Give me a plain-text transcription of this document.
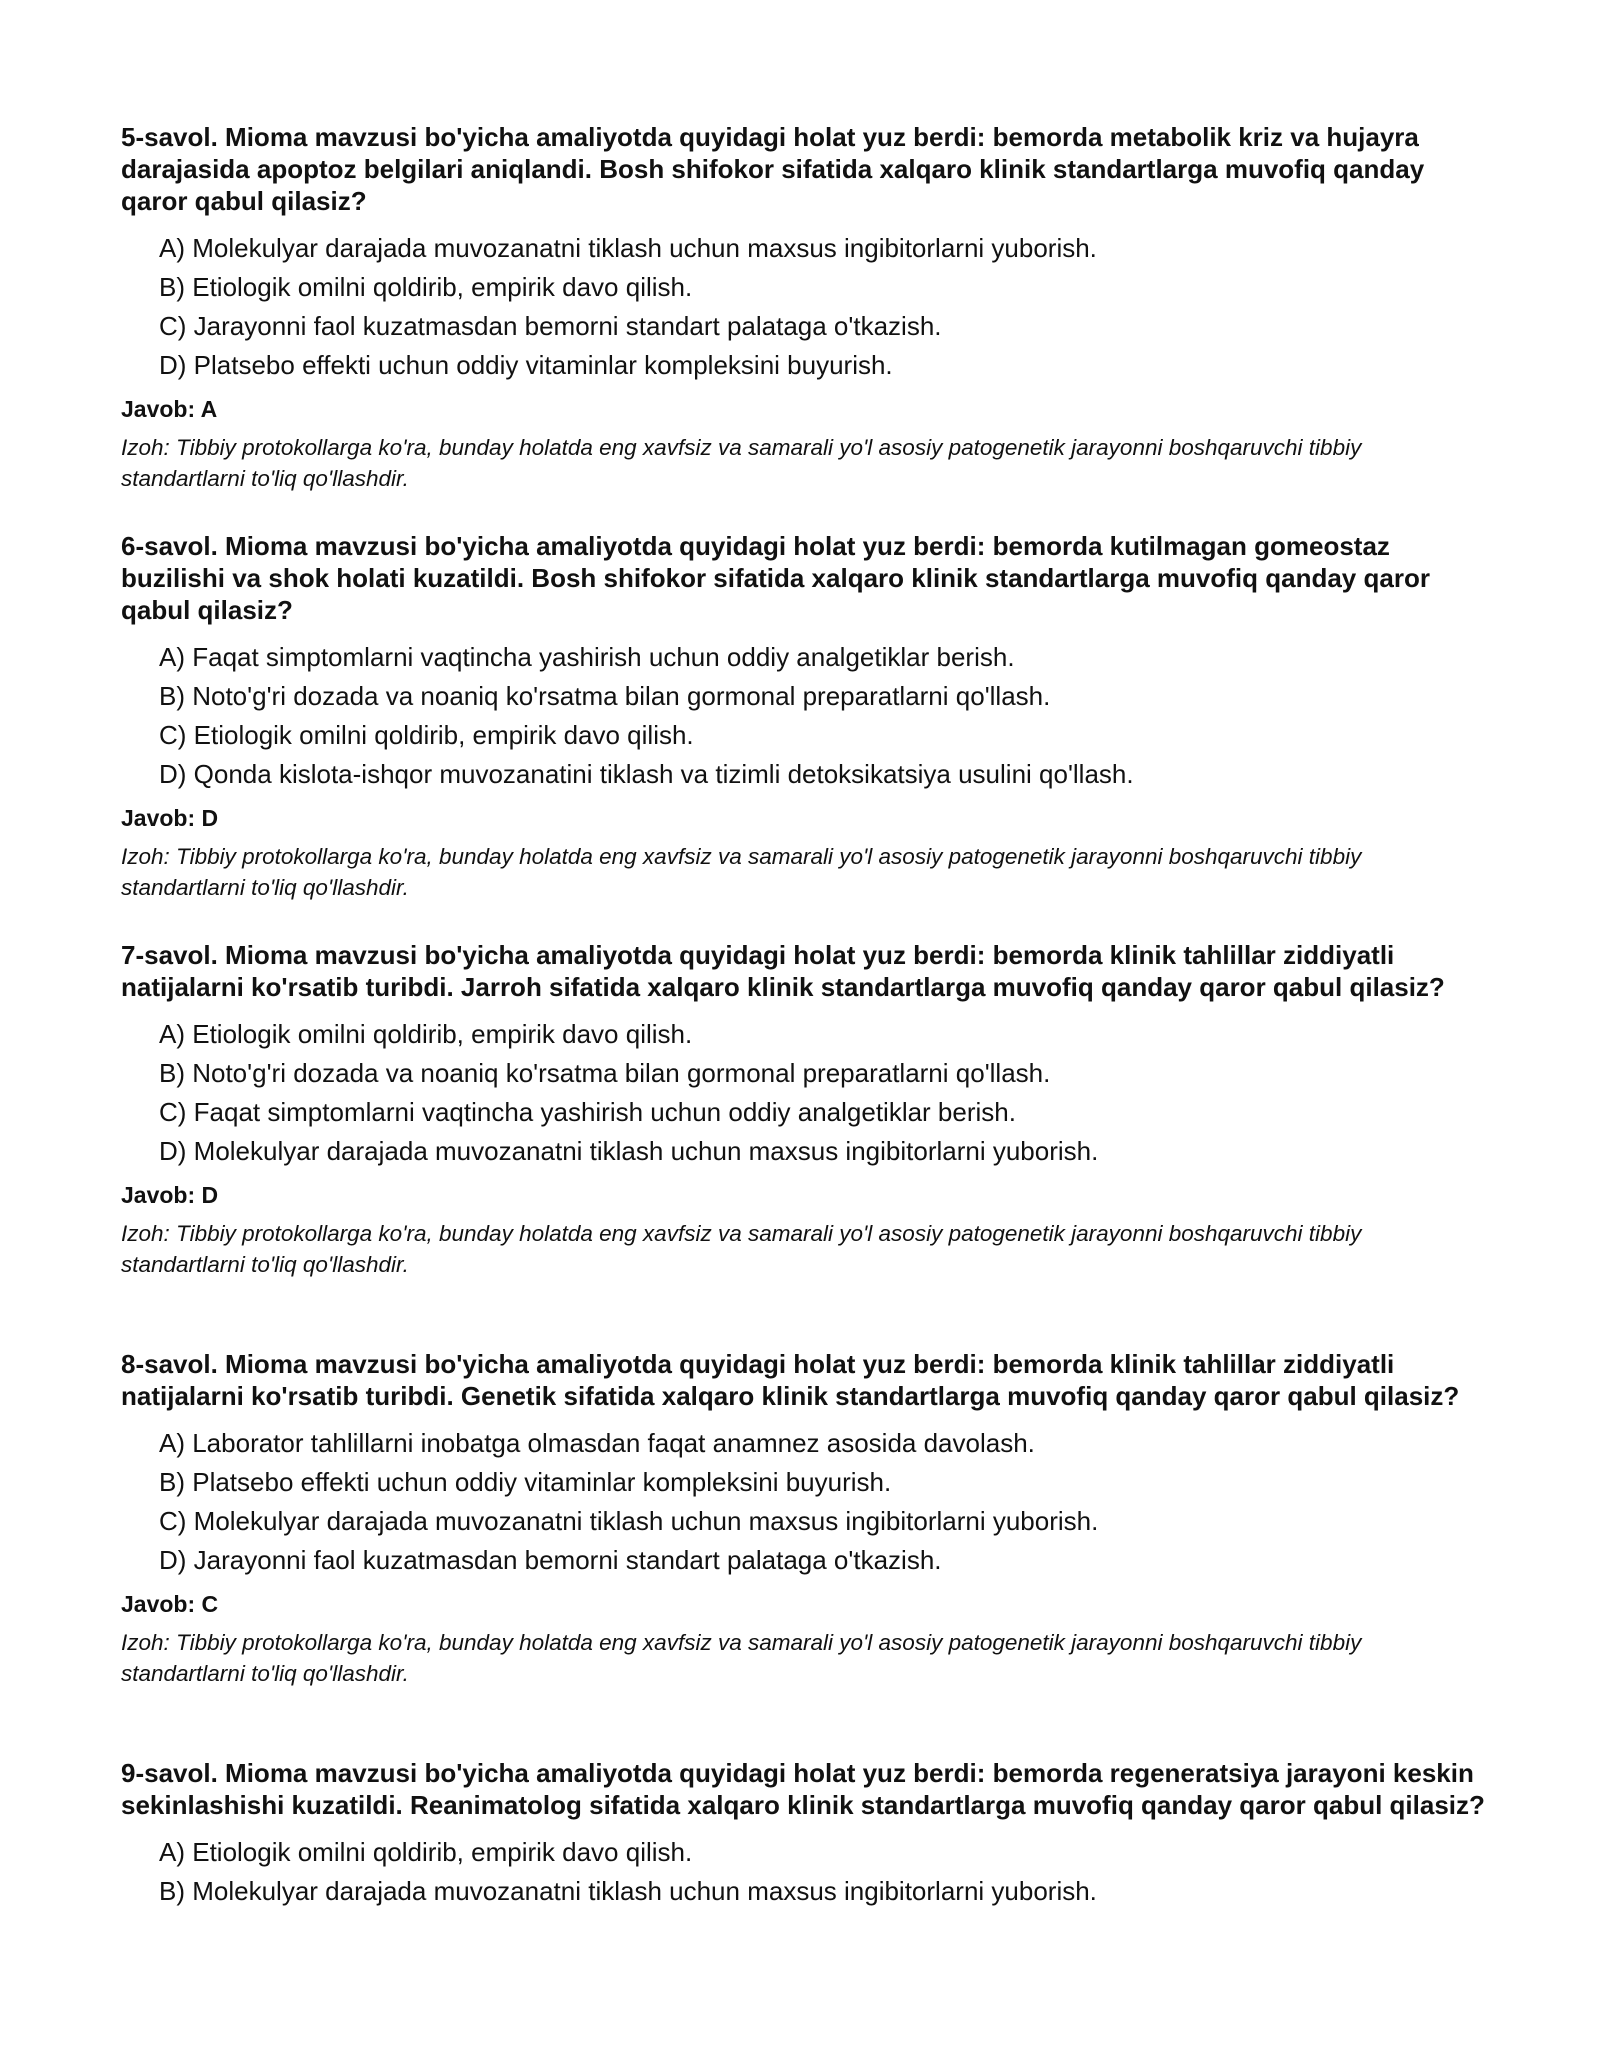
5-savol. Mioma mavzusi bo'yicha amaliyotda quyidagi holat yuz berdi: bemorda metabolik kriz va hujayra darajasida apoptoz belgilari aniqlandi. Bosh shifokor sifatida xalqaro klinik standartlarga muvofiq qanday qaror qabul qilasiz?

A) Molekulyar darajada muvozanatni tiklash uchun maxsus ingibitorlarni yuborish.
B) Etiologik omilni qoldirib, empirik davo qilish.
C) Jarayonni faol kuzatmasdan bemorni standart palataga o'tkazish.
D) Platsebo effekti uchun oddiy vitaminlar kompleksini buyurish.
Javob: A
Izoh: Tibbiy protokollarga ko'ra, bunday holatda eng xavfsiz va samarali yo'l asosiy patogenetik jarayonni boshqaruvchi tibbiy standartlarni to'liq qo'llashdir.

6-savol. Mioma mavzusi bo'yicha amaliyotda quyidagi holat yuz berdi: bemorda kutilmagan gomeostaz buzilishi va shok holati kuzatildi. Bosh shifokor sifatida xalqaro klinik standartlarga muvofiq qanday qaror qabul qilasiz?

A) Faqat simptomlarni vaqtincha yashirish uchun oddiy analgetiklar berish.
B) Noto'g'ri dozada va noaniq ko'rsatma bilan gormonal preparatlarni qo'llash.
C) Etiologik omilni qoldirib, empirik davo qilish.
D) Qonda kislota-ishqor muvozanatini tiklash va tizimli detoksikatsiya usulini qo'llash.
Javob: D
Izoh: Tibbiy protokollarga ko'ra, bunday holatda eng xavfsiz va samarali yo'l asosiy patogenetik jarayonni boshqaruvchi tibbiy standartlarni to'liq qo'llashdir.

7-savol. Mioma mavzusi bo'yicha amaliyotda quyidagi holat yuz berdi: bemorda klinik tahlillar ziddiyatli natijalarni ko'rsatib turibdi. Jarroh sifatida xalqaro klinik standartlarga muvofiq qanday qaror qabul qilasiz?

A) Etiologik omilni qoldirib, empirik davo qilish.
B) Noto'g'ri dozada va noaniq ko'rsatma bilan gormonal preparatlarni qo'llash.
C) Faqat simptomlarni vaqtincha yashirish uchun oddiy analgetiklar berish.
D) Molekulyar darajada muvozanatni tiklash uchun maxsus ingibitorlarni yuborish.
Javob: D
Izoh: Tibbiy protokollarga ko'ra, bunday holatda eng xavfsiz va samarali yo'l asosiy patogenetik jarayonni boshqaruvchi tibbiy standartlarni to'liq qo'llashdir.

8-savol. Mioma mavzusi bo'yicha amaliyotda quyidagi holat yuz berdi: bemorda klinik tahlillar ziddiyatli natijalarni ko'rsatib turibdi. Genetik sifatida xalqaro klinik standartlarga muvofiq qanday qaror qabul qilasiz?

A) Laborator tahlillarni inobatga olmasdan faqat anamnez asosida davolash.
B) Platsebo effekti uchun oddiy vitaminlar kompleksini buyurish.
C) Molekulyar darajada muvozanatni tiklash uchun maxsus ingibitorlarni yuborish.
D) Jarayonni faol kuzatmasdan bemorni standart palataga o'tkazish.
Javob: C
Izoh: Tibbiy protokollarga ko'ra, bunday holatda eng xavfsiz va samarali yo'l asosiy patogenetik jarayonni boshqaruvchi tibbiy standartlarni to'liq qo'llashdir.

9-savol. Mioma mavzusi bo'yicha amaliyotda quyidagi holat yuz berdi: bemorda regeneratsiya jarayoni keskin sekinlashishi kuzatildi. Reanimatolog sifatida xalqaro klinik standartlarga muvofiq qanday qaror qabul qilasiz?

A) Etiologik omilni qoldirib, empirik davo qilish.
B) Molekulyar darajada muvozanatni tiklash uchun maxsus ingibitorlarni yuborish.
